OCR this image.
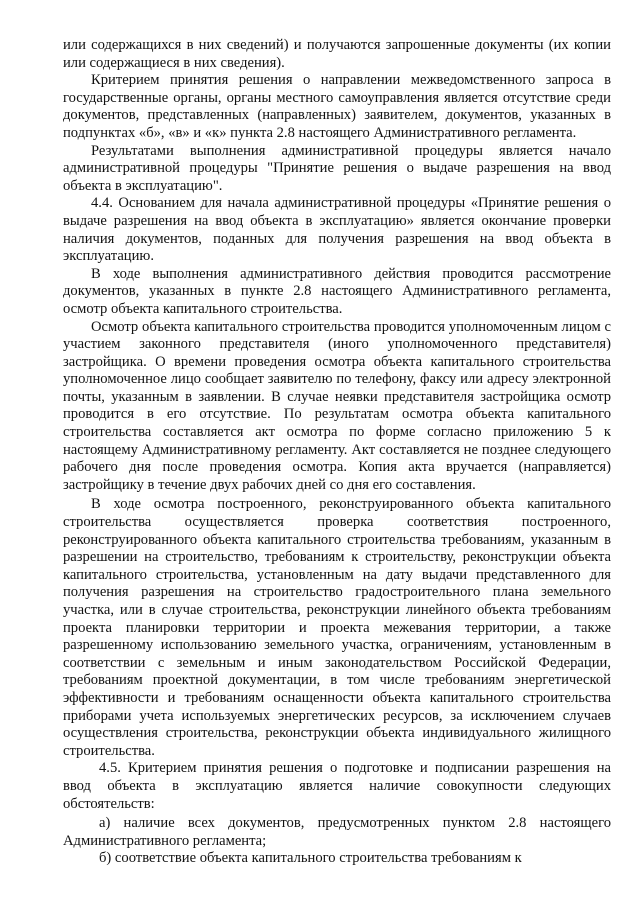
или содержащихся в них сведений) и получаются запрошенные документы (их копии или содержащиеся в них сведения).

Критерием принятия решения о направлении межведомственного запроса в государственные органы, органы местного самоуправления является отсутствие среди документов, представленных (направленных) заявителем, документов, указанных в подпунктах «б», «в» и «к» пункта 2.8 настоящего Административного регламента.

Результатами выполнения административной процедуры является начало административной процедуры "Принятие решения о выдаче разрешения на ввод объекта в эксплуатацию".

4.4. Основанием для начала административной процедуры «Принятие решения о выдаче разрешения на ввод объекта в эксплуатацию» является окончание проверки наличия документов, поданных для получения разрешения на ввод объекта в эксплуатацию.

В ходе выполнения административного действия проводится рассмотрение документов, указанных в пункте 2.8 настоящего Административного регламента, осмотр объекта капитального строительства.

Осмотр объекта капитального строительства проводится уполномоченным лицом с участием законного представителя (иного уполномоченного представителя) застройщика. О времени проведения осмотра объекта капитального строительства уполномоченное лицо сообщает заявителю по телефону, факсу или адресу электронной почты, указанным в заявлении. В случае неявки представителя застройщика осмотр проводится в его отсутствие. По результатам осмотра объекта капитального строительства составляется акт осмотра по форме согласно приложению 5 к настоящему Административному регламенту. Акт составляется не позднее следующего рабочего дня после проведения осмотра. Копия акта вручается (направляется) застройщику в течение двух рабочих дней со дня его составления.

В ходе осмотра построенного, реконструированного объекта капитального строительства осуществляется проверка соответствия построенного, реконструированного объекта капитального строительства требованиям, указанным в разрешении на строительство, требованиям к строительству, реконструкции объекта капитального строительства, установленным на дату выдачи представленного для получения разрешения на строительство градостроительного плана земельного участка, или в случае строительства, реконструкции линейного объекта требованиям проекта планировки территории и проекта межевания территории, а также разрешенному использованию земельного участка, ограничениям, установленным в соответствии с земельным и иным законодательством Российской Федерации, требованиям проектной документации, в том числе требованиям энергетической эффективности и требованиям оснащенности объекта капитального строительства приборами учета используемых энергетических ресурсов, за исключением случаев осуществления строительства, реконструкции объекта индивидуального жилищного строительства.

4.5. Критерием принятия решения о подготовке и подписании разрешения на ввод объекта в эксплуатацию является наличие совокупности следующих обстоятельств:

а) наличие всех документов, предусмотренных пунктом 2.8 настоящего Административного регламента;

б) соответствие объекта капитального строительства требованиям к
